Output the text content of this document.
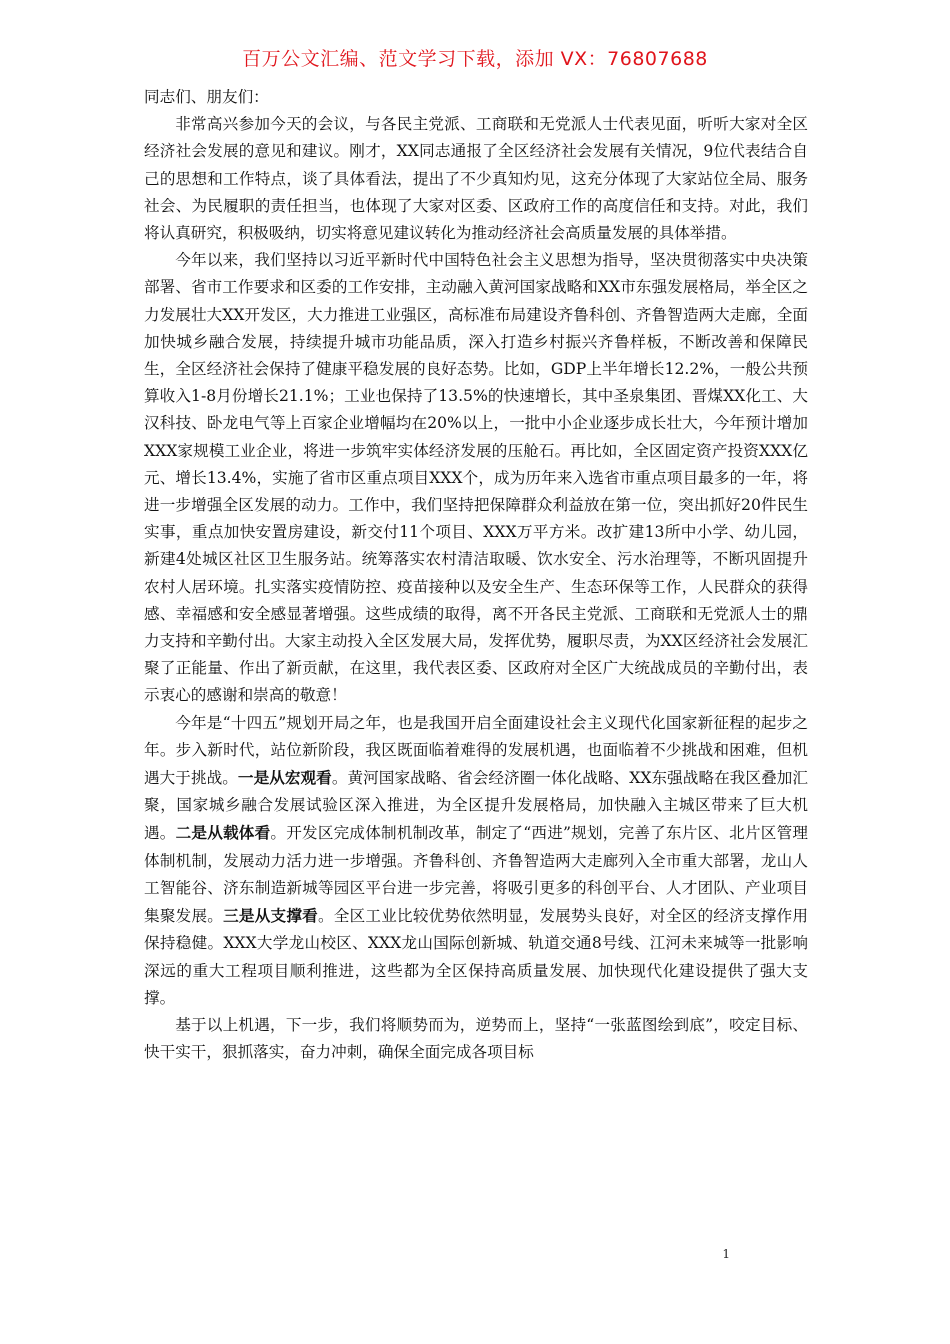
百万公文汇编、范文学习下载，添加 VX：76807688

同志们、朋友们：

非常高兴参加今天的会议，与各民主党派、工商联和无党派人士代表见面，听听大家对全区经济社会发展的意见和建议。刚才，XX同志通报了全区经济社会发展有关情况，9位代表结合自己的思想和工作特点，谈了具体看法，提出了不少真知灼见，这充分体现了大家站位全局、服务社会、为民履职的责任担当，也体现了大家对区委、区政府工作的高度信任和支持。对此，我们将认真研究，积极吸纳，切实将意见建议转化为推动经济社会高质量发展的具体举措。

今年以来，我们坚持以习近平新时代中国特色社会主义思想为指导，坚决贯彻落实中央决策部署、省市工作要求和区委的工作安排，主动融入黄河国家战略和XX市东强发展格局，举全区之力发展壮大XX开发区，大力推进工业强区，高标准布局建设齐鲁科创、齐鲁智造两大走廊，全面加快城乡融合发展，持续提升城市功能品质，深入打造乡村振兴齐鲁样板，不断改善和保障民生，全区经济社会保持了健康平稳发展的良好态势。比如，GDP上半年增长12.2%，一般公共预算收入1-8月份增长21.1%；工业也保持了13.5%的快速增长，其中圣泉集团、晋煤XX化工、大汉科技、卧龙电气等上百家企业增幅均在20%以上，一批中小企业逐步成长壮大，今年预计增加XXX家规模工业企业，将进一步筑牢实体经济发展的压舱石。再比如，全区固定资产投资XXX亿元、增长13.4%，实施了省市区重点项目XXX个，成为历年来入选省市重点项目最多的一年，将进一步增强全区发展的动力。工作中，我们坚持把保障群众利益放在第一位，突出抓好20件民生实事，重点加快安置房建设，新交付11个项目、XXX万平方米。改扩建13所中小学、幼儿园，新建4处城区社区卫生服务站。统筹落实农村清洁取暖、饮水安全、污水治理等，不断巩固提升农村人居环境。扎实落实疫情防控、疫苗接种以及安全生产、生态环保等工作，人民群众的获得感、幸福感和安全感显著增强。这些成绩的取得，离不开各民主党派、工商联和无党派人士的鼎力支持和辛勤付出。大家主动投入全区发展大局，发挥优势，履职尽责，为XX区经济社会发展汇聚了正能量、作出了新贡献，在这里，我代表区委、区政府对全区广大统战成员的辛勤付出，表示衷心的感谢和崇高的敬意！

今年是“十四五”规划开局之年，也是我国开启全面建设社会主义现代化国家新征程的起步之年。步入新时代，站位新阶段，我区既面临着难得的发展机遇，也面临着不少挑战和困难，但机遇大于挑战。一是从宏观看。黄河国家战略、省会经济圈一体化战略、XX东强战略在我区叠加汇聚，国家城乡融合发展试验区深入推进，为全区提升发展格局，加快融入主城区带来了巨大机遇。二是从载体看。开发区完成体制机制改革，制定了“西进”规划，完善了东片区、北片区管理体制机制，发展动力活力进一步增强。齐鲁科创、齐鲁智造两大走廊列入全市重大部署，龙山人工智能谷、济东制造新城等园区平台进一步完善，将吸引更多的科创平台、人才团队、产业项目集聚发展。三是从支撑看。全区工业比较优势依然明显，发展势头良好，对全区的经济支撑作用保持稳健。XXX大学龙山校区、XXX龙山国际创新城、轨道交通8号线、江河未来城等一批影响深远的重大工程项目顺利推进，这些都为全区保持高质量发展、加快现代化建设提供了强大支撑。

基于以上机遇，下一步，我们将顺势而为，逆势而上，坚持“一张蓝图绘到底”，咬定目标、快干实干，狠抓落实，奋力冲刺，确保全面完成各项目标

1
